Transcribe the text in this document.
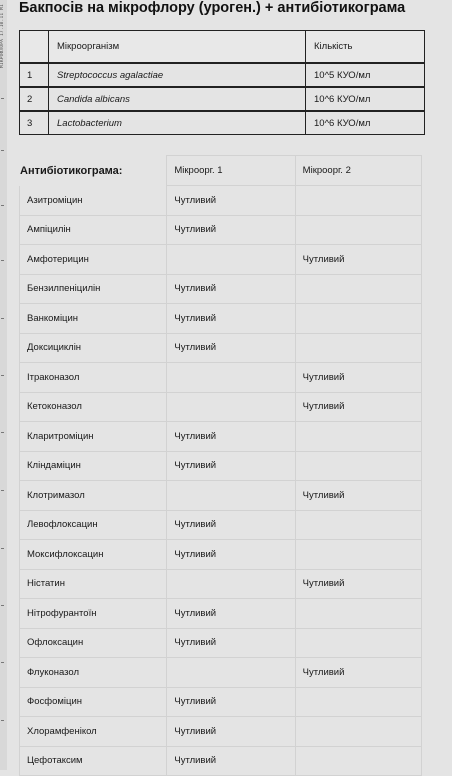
МІКРОФЛОРА 17.10.11 МІ Бакпосів на мікрофлору (уроген.) + антибіотикограма
	Мікроорганізм	Кількість
1	Streptococcus agalactiae	10^5 КУО/мл
2	Candida albicans	10^6 КУО/мл
3	Lactobacterium	10^6 КУО/мл
Антибіотикограма:	Мікроорг. 1	Мікроорг. 2
Азитроміцин	Чутливий	
Ампіцилін	Чутливий	
Амфотерицин		Чутливий
Бензилпеніцилін	Чутливий	
Ванкоміцин	Чутливий	
Доксициклін	Чутливий	
Ітраконазол		Чутливий
Кетоконазол		Чутливий
Кларитроміцин	Чутливий	
Кліндаміцин	Чутливий	
Клотримазол		Чутливий
Левофлоксацин	Чутливий	
Моксифлоксацин	Чутливий	
Ністатин		Чутливий
Нітрофурантоїн	Чутливий	
Офлоксацин	Чутливий	
Флуконазол		Чутливий
Фосфоміцин	Чутливий	
Хлорамфенікол	Чутливий	
Цефотаксим	Чутливий	
